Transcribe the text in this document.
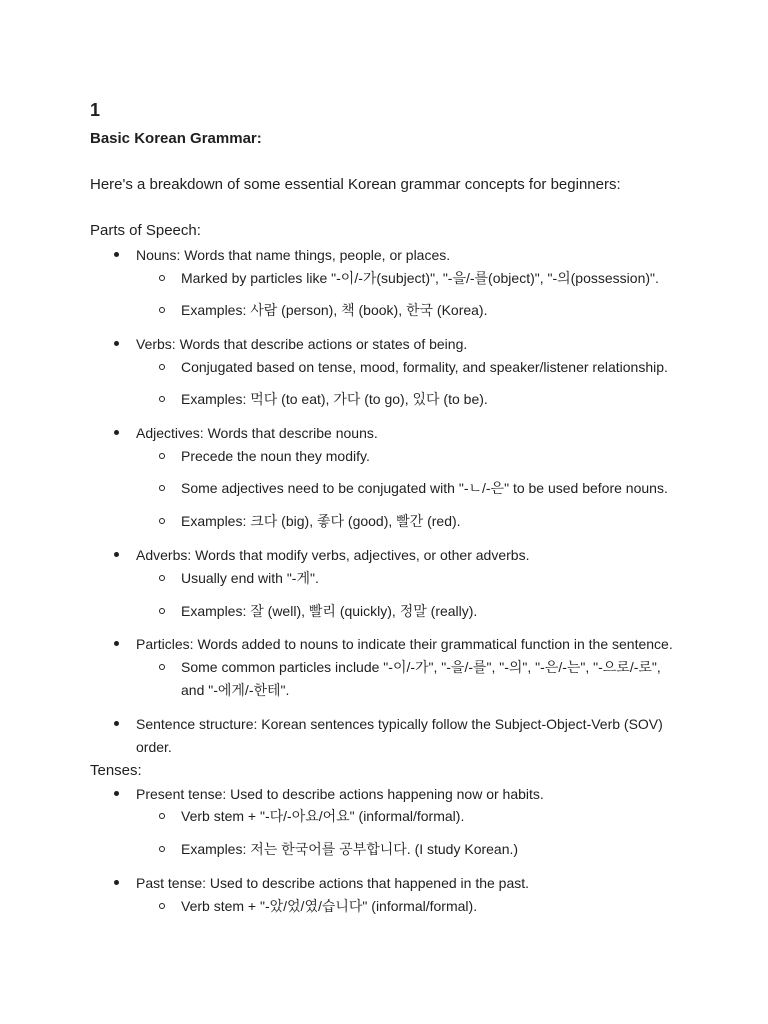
1
Basic Korean Grammar:
Here's a breakdown of some essential Korean grammar concepts for beginners:
Parts of Speech:
Nouns: Words that name things, people, or places.
Marked by particles like "-이/-가(subject)", "-을/-를(object)", "-의(possession)".
Examples: 사람 (person), 책 (book), 한국 (Korea).
Verbs: Words that describe actions or states of being.
Conjugated based on tense, mood, formality, and speaker/listener relationship.
Examples: 먹다 (to eat), 가다 (to go), 있다 (to be).
Adjectives: Words that describe nouns.
Precede the noun they modify.
Some adjectives need to be conjugated with "-ㄴ/-은" to be used before nouns.
Examples: 크다 (big), 좋다 (good), 빨간 (red).
Adverbs: Words that modify verbs, adjectives, or other adverbs.
Usually end with "-게".
Examples: 잘 (well), 빨리 (quickly), 정말 (really).
Particles: Words added to nouns to indicate their grammatical function in the sentence.
Some common particles include "-이/-가", "-을/-를", "-의", "-은/-는", "-으로/-로", and "-에게/-한테".
Sentence structure: Korean sentences typically follow the Subject-Object-Verb (SOV) order.
Tenses:
Present tense: Used to describe actions happening now or habits.
Verb stem + "-다/-아요/어요" (informal/formal).
Examples: 저는 한국어를 공부합니다. (I study Korean.)
Past tense: Used to describe actions that happened in the past.
Verb stem + "-았/었/였/습니다" (informal/formal).
